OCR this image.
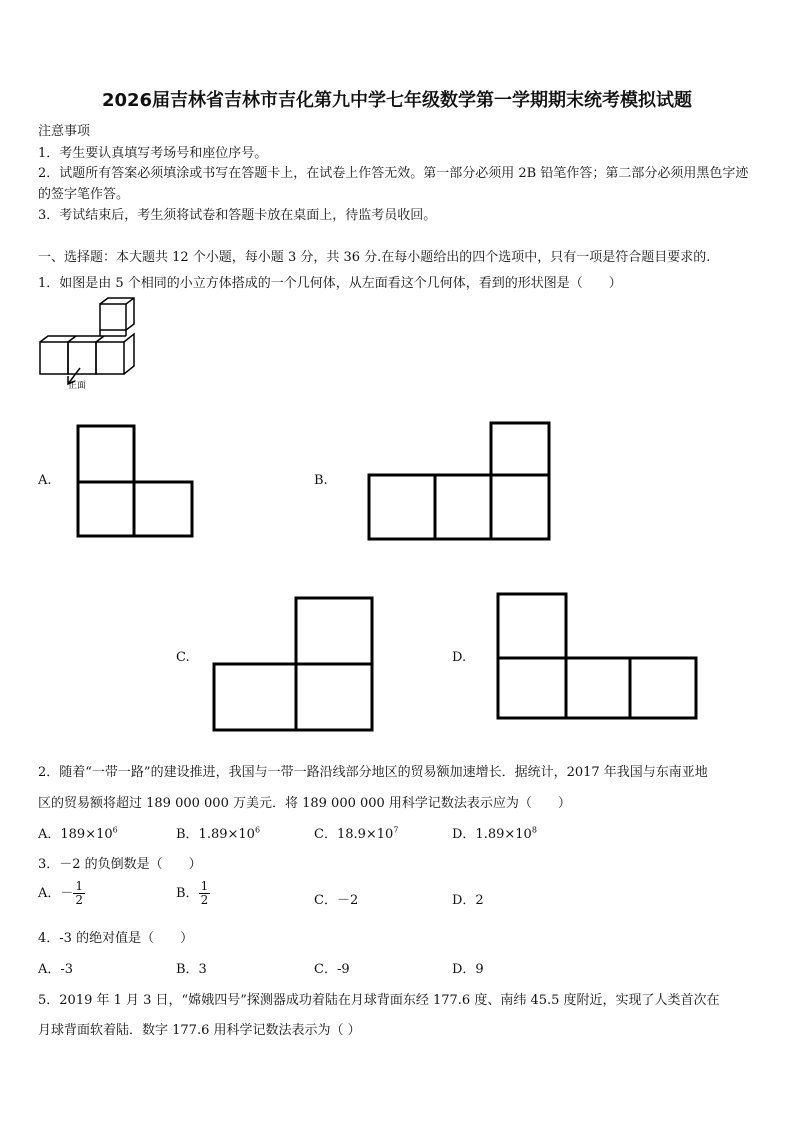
2026届吉林省吉林市吉化第九中学七年级数学第一学期期末统考模拟试题
注意事项
1．考生要认真填写考场号和座位序号。
2．试题所有答案必须填涂或书写在答题卡上，在试卷上作答无效。第一部分必须用 2B 铅笔作答；第二部分必须用黑色字迹的签字笔作答。
3．考试结束后，考生须将试卷和答题卡放在桌面上，待监考员收回。
一、选择题：本大题共 12 个小题，每小题 3 分，共 36 分.在每小题给出的四个选项中，只有一项是符合题目要求的.
1．如图是由 5 个相同的小立方体搭成的一个几何体，从左面看这个几何体，看到的形状图是（　　）
正面
A.	B.
C.	D.
2．随着“一带一路”的建设推进，我国与一带一路沿线部分地区的贸易额加速增长．据统计，2017 年我国与东南亚地
区的贸易额将超过 189 000 000 万美元．将 189 000 000 用科学记数法表示应为（　　）
A．$189\times 10^6$	B．$1.89\times 10^6$	C．$18.9\times 10^7$	D．$1.89\times 10^8$
3．－2 的负倒数是（　　）
A．－ $\frac{1}{2}$	B． $\frac{1}{2}$	C．－2	D．2
4．-3 的绝对值是（　　）
A．-3	B．3	C．-9	D．9
5．2019 年 1 月 3 日，“嫦娥四号”探测器成功着陆在月球背面东经 177.6 度、南纬 45.5 度附近，实现了人类首次在
月球背面软着陆．数字 177.6 用科学记数法表示为（ ）
